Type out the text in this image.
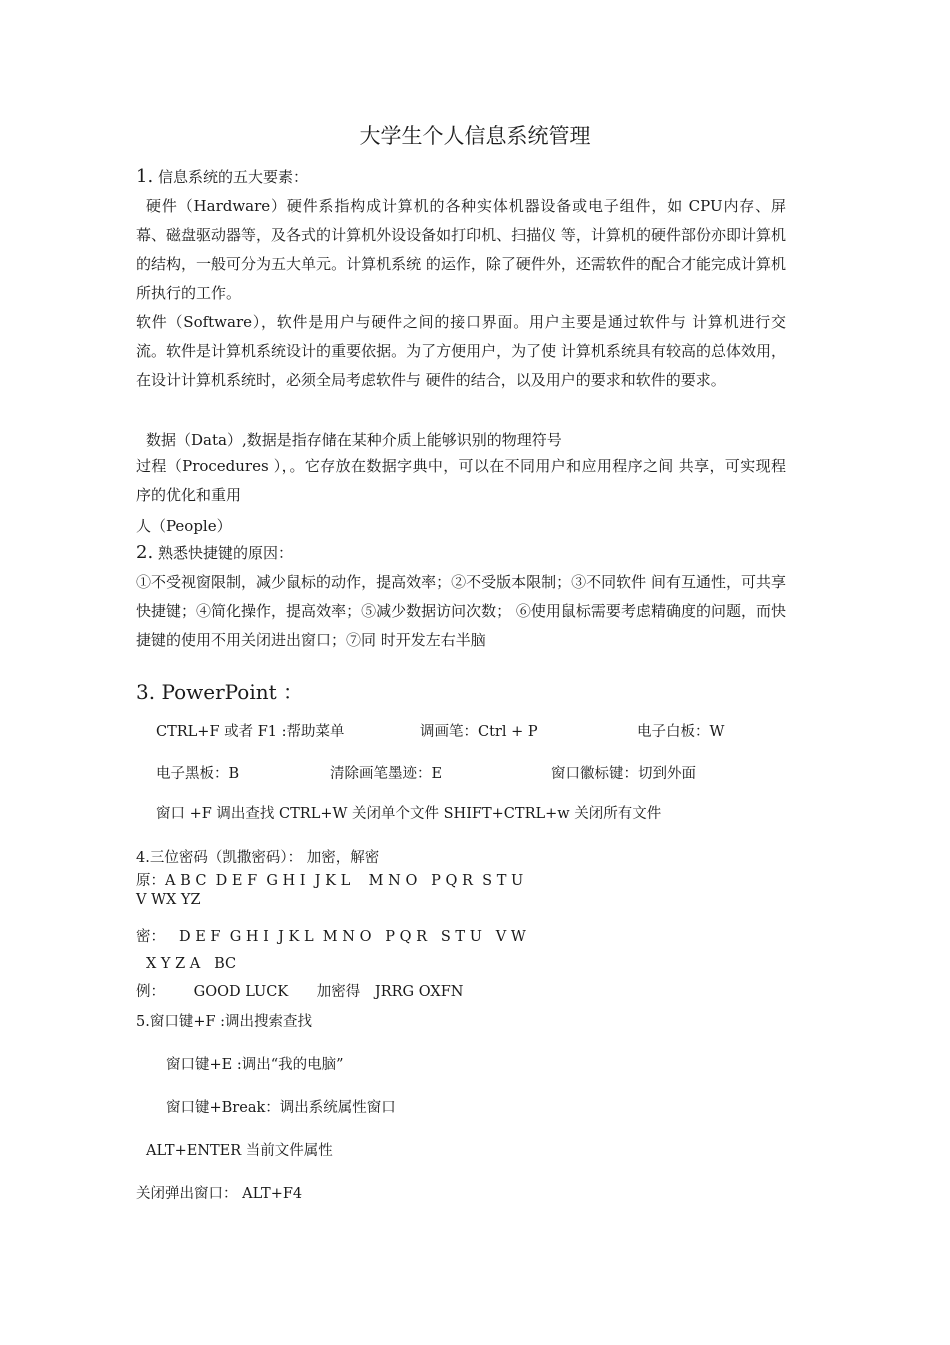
大学生个人信息系统管理
1. 信息系统的五大要素：
硬件（Hardware）硬件系指构成计算机的各种实体机器设备或电子组件，如 CPU内存、屏幕、磁盘驱动器等，及各式的计算机外设设备如打印机、扫描仪 等，计算机的硬件部份亦即计算机的结构，一般可分为五大单元。计算机系统 的运作，除了硬件外，还需软件的配合才能完成计算机所执行的工作。
软件（Software），软件是用户与硬件之间的接口界面。用户主要是通过软件与 计算机进行交流。软件是计算机系统设计的重要依据。为了方便用户，为了使 计算机系统具有较高的总体效用，在设计计算机系统时，必须全局考虑软件与 硬件的结合，以及用户的要求和软件的要求。
数据（Data）,数据是指存储在某种介质上能够识别的物理符号
过程（Procedures ），。它存放在数据字典中，可以在不同用户和应用程序之间 共享，可实现程序的优化和重用
人（People）
2. 熟悉快捷键的原因：
①不受视窗限制，减少鼠标的动作，提高效率；②不受版本限制；③不同软件 间有互通性，可共享快捷键；④简化操作，提高效率；⑤减少数据访问次数； ⑥使用鼠标需要考虑精确度的问题，而快捷键的使用不用关闭进出窗口；⑦同 时开发左右半脑
3. PowerPoint ：
CTRL+F 或者 F1 :帮助菜单	调画笔：Ctrl + P	电子白板：W
电子黑板：B	清除画笔墨迹：E	窗口徽标键：切到外面
窗口 +F 调出查找 CTRL+W 关闭单个文件 SHIFT+CTRL+w 关闭所有文件
4.三位密码（凯撒密码）： 加密，解密
原：A B C  D E F  G H I  J K L    M N O   P Q R  S T U
V WX YZ
密： D E F  G H I  J K L  M N O   P Q R   S T U   V W
X Y Z A   BC
例： GOOD LUCK 加密得 JRRG OXFN
5.窗口键+F :调出搜索查找
窗口键+E :调出“我的电脑”
窗口键+Break：调出系统属性窗口
ALT+ENTER 当前文件属性
关闭弹出窗口： ALT+F4
